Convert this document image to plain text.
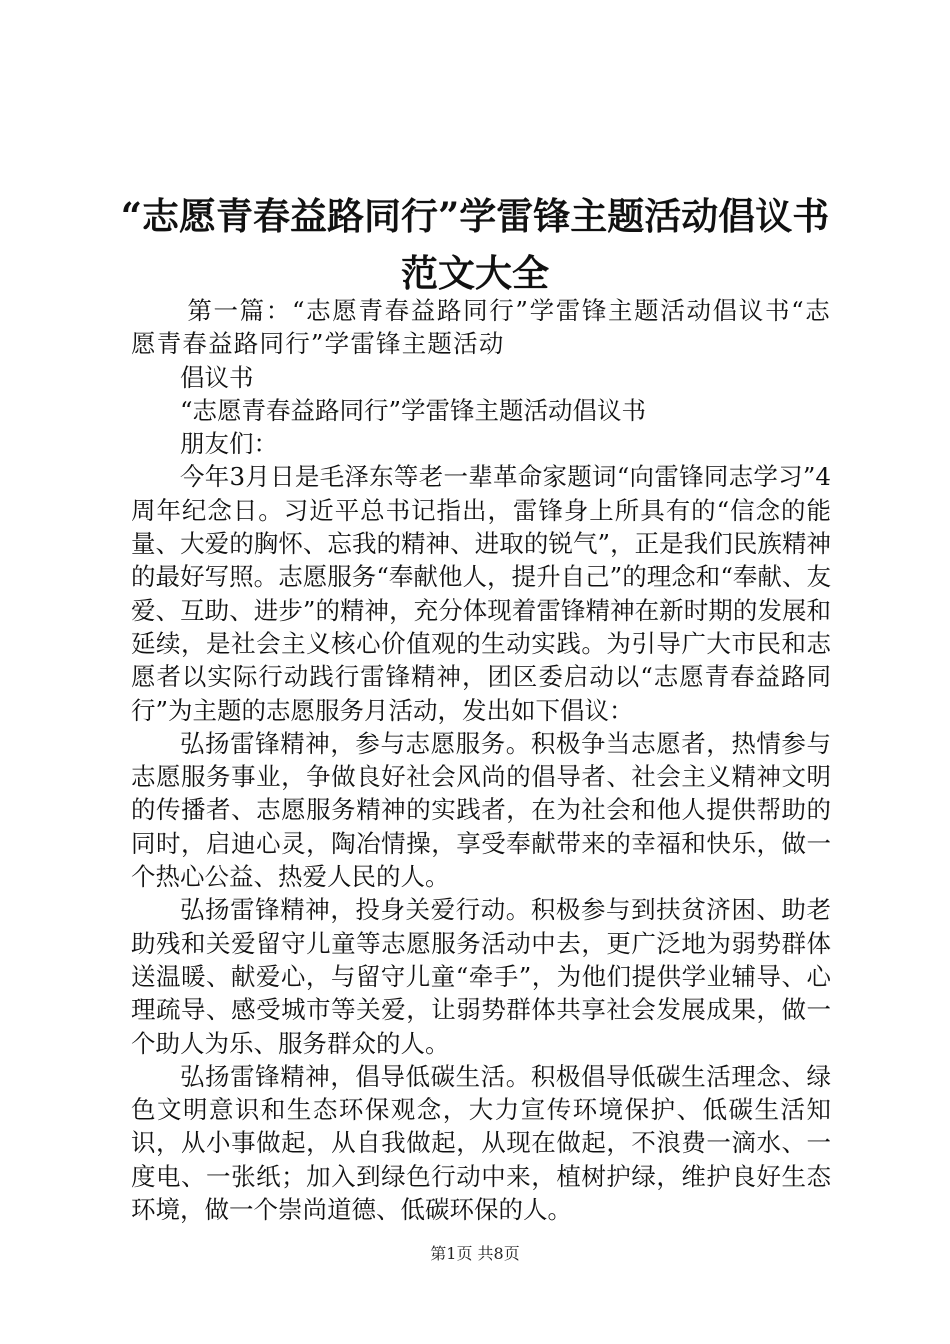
“志愿青春益路同行”学雷锋主题活动倡议书
范文大全

第一篇：“志愿青春益路同行”学雷锋主题活动倡议书“志愿青春益路同行”学雷锋主题活动

倡议书

“志愿青春益路同行”学雷锋主题活动倡议书

朋友们：

今年3月日是毛泽东等老一辈革命家题词“向雷锋同志学习”4周年纪念日。习近平总书记指出，雷锋身上所具有的“信念的能量、大爱的胸怀、忘我的精神、进取的锐气”，正是我们民族精神的最好写照。志愿服务“奉献他人，提升自己”的理念和“奉献、友爱、互助、进步”的精神，充分体现着雷锋精神在新时期的发展和延续，是社会主义核心价值观的生动实践。为引导广大市民和志愿者以实际行动践行雷锋精神，团区委启动以“志愿青春益路同行”为主题的志愿服务月活动，发出如下倡议：

弘扬雷锋精神，参与志愿服务。积极争当志愿者，热情参与志愿服务事业，争做良好社会风尚的倡导者、社会主义精神文明的传播者、志愿服务精神的实践者，在为社会和他人提供帮助的同时，启迪心灵，陶冶情操，享受奉献带来的幸福和快乐，做一个热心公益、热爱人民的人。

弘扬雷锋精神，投身关爱行动。积极参与到扶贫济困、助老助残和关爱留守儿童等志愿服务活动中去，更广泛地为弱势群体送温暖、献爱心，与留守儿童“牵手”，为他们提供学业辅导、心理疏导、感受城市等关爱，让弱势群体共享社会发展成果，做一个助人为乐、服务群众的人。

弘扬雷锋精神，倡导低碳生活。积极倡导低碳生活理念、绿色文明意识和生态环保观念，大力宣传环境保护、低碳生活知识，从小事做起，从自我做起，从现在做起，不浪费一滴水、一度电、一张纸；加入到绿色行动中来，植树护绿，维护良好生态环境，做一个崇尚道德、低碳环保的人。

第1页 共8页
